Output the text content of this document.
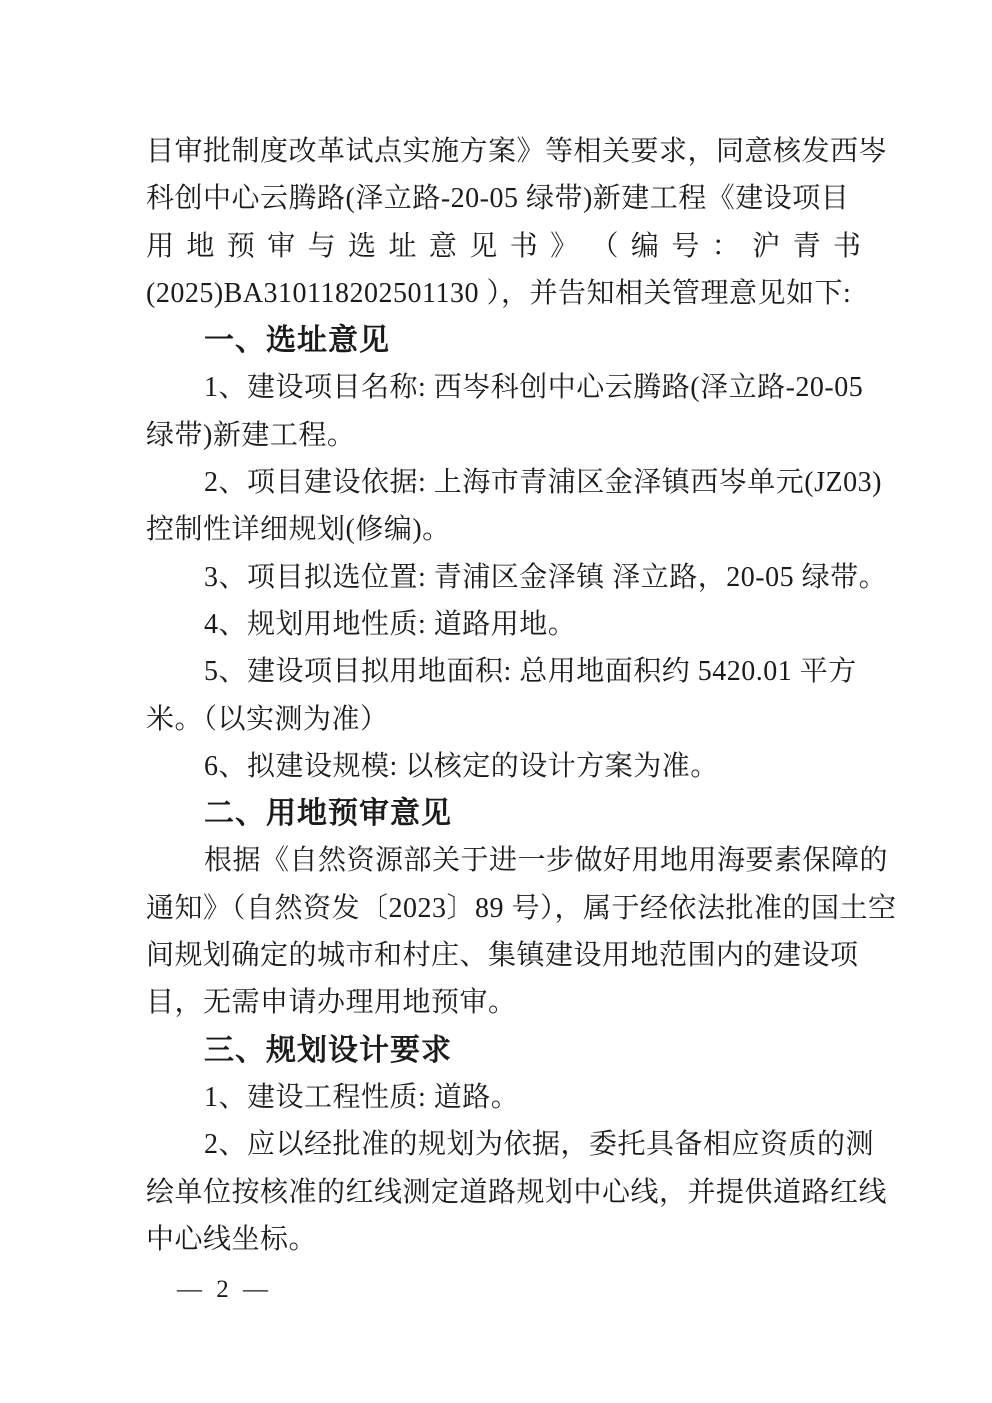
目审批制度改革试点实施方案》等相关要求，同意核发西岑
科创中心云腾路(泽立路-20-05 绿带)新建工程《建设项目
用 地 预 审 与 选 址 意 见 书 》 （ 编 号 ： 沪 青 书
(2025)BA310118202501130 ），并告知相关管理意见如下:
一、选址意见
1、建设项目名称: 西岑科创中心云腾路(泽立路-20-05
绿带)新建工程。
2、项目建设依据: 上海市青浦区金泽镇西岑单元(JZ03)
控制性详细规划(修编)。
3、项目拟选位置: 青浦区金泽镇 泽立路，20-05 绿带。
4、规划用地性质: 道路用地。
5、建设项目拟用地面积: 总用地面积约 5420.01 平方
米。（以实测为准）
6、拟建设规模: 以核定的设计方案为准。
二、用地预审意见
根据《自然资源部关于进一步做好用地用海要素保障的
通知》（自然资发〔2023〕89 号），属于经依法批准的国土空
间规划确定的城市和村庄、集镇建设用地范围内的建设项
目，无需申请办理用地预审。
三、规划设计要求
1、建设工程性质: 道路。
2、应以经批准的规划为依据，委托具备相应资质的测
绘单位按核准的红线测定道路规划中心线，并提供道路红线
中心线坐标。
— 2 —
